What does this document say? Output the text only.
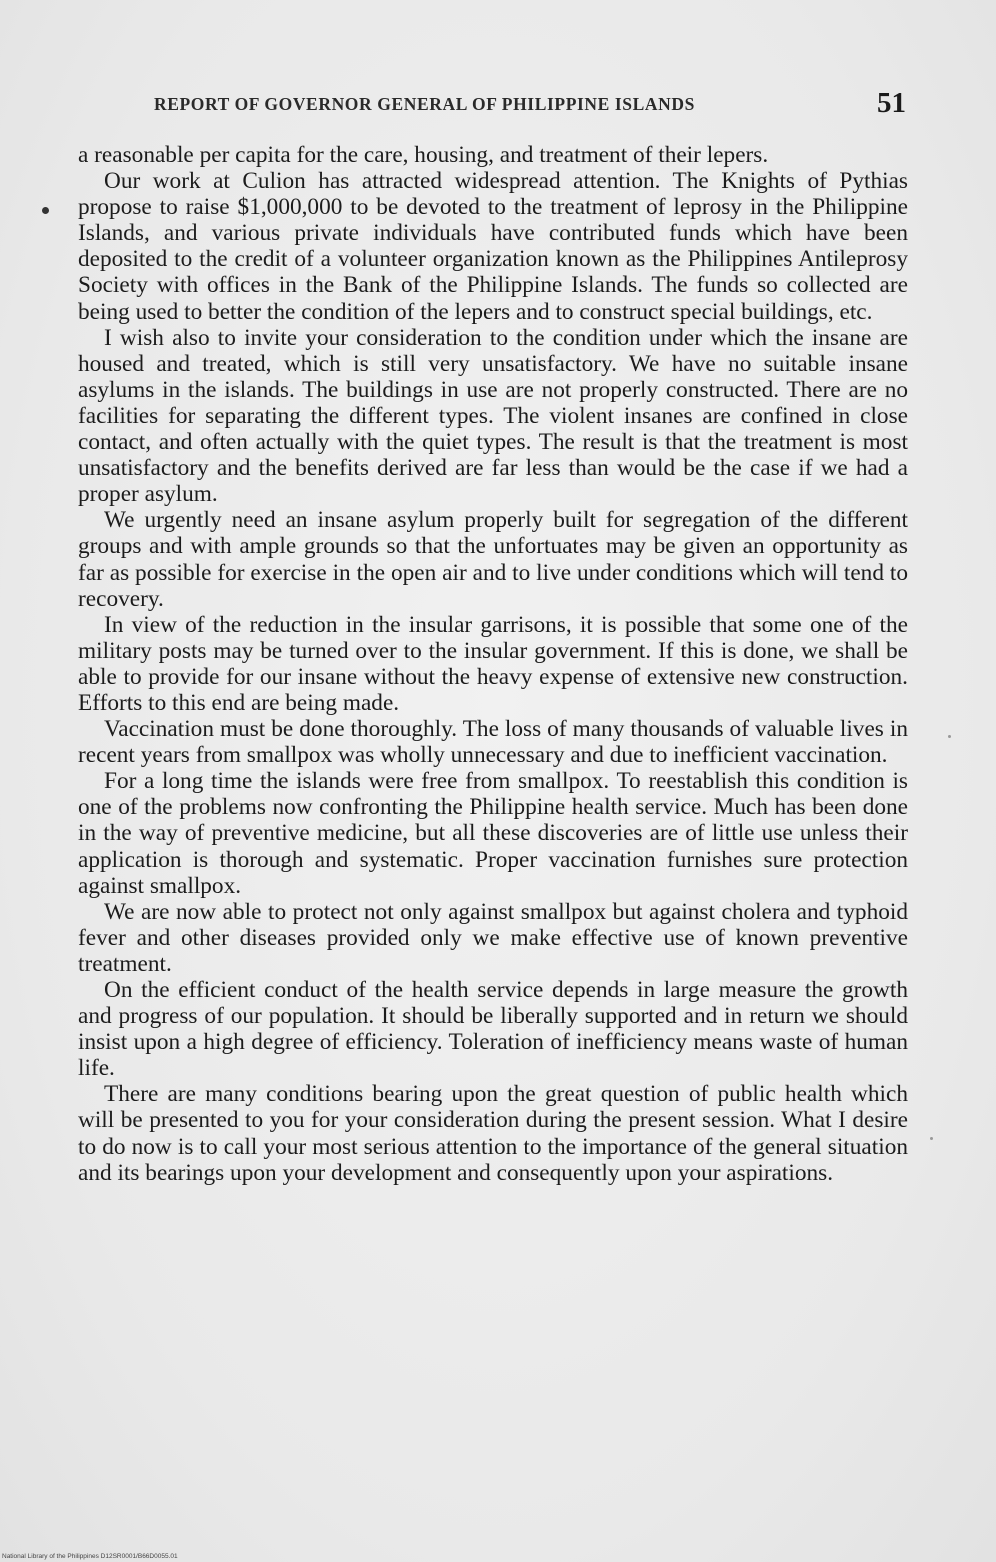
REPORT OF GOVERNOR GENERAL OF PHILIPPINE ISLANDS	51

a reasonable per capita for the care, housing, and treatment of their lepers.

Our work at Culion has attracted widespread attention. The Knights of Pythias propose to raise $1,000,000 to be devoted to the treatment of leprosy in the Philippine Islands, and various private individuals have contributed funds which have been deposited to the credit of a volunteer organization known as the Philippines Antileprosy Society with offices in the Bank of the Philippine Islands. The funds so collected are being used to better the condition of the lepers and to construct special buildings, etc.

I wish also to invite your consideration to the condition under which the insane are housed and treated, which is still very unsatisfactory. We have no suitable insane asylums in the islands. The buildings in use are not properly constructed. There are no facilities for separating the different types. The violent insanes are confined in close contact, and often actually with the quiet types. The result is that the treatment is most unsatisfactory and the benefits derived are far less than would be the case if we had a proper asylum.

We urgently need an insane asylum properly built for segregation of the different groups and with ample grounds so that the unfortuates may be given an opportunity as far as possible for exercise in the open air and to live under conditions which will tend to recovery.

In view of the reduction in the insular garrisons, it is possible that some one of the military posts may be turned over to the insular government. If this is done, we shall be able to provide for our insane without the heavy expense of extensive new construction. Efforts to this end are being made.

Vaccination must be done thoroughly. The loss of many thousands of valuable lives in recent years from smallpox was wholly unnecessary and due to inefficient vaccination.

For a long time the islands were free from smallpox. To reestablish this condition is one of the problems now confronting the Philippine health service. Much has been done in the way of preventive medicine, but all these discoveries are of little use unless their application is thorough and systematic. Proper vaccination furnishes sure protection against smallpox.

We are now able to protect not only against smallpox but against cholera and typhoid fever and other diseases provided only we make effective use of known preventive treatment.

On the efficient conduct of the health service depends in large measure the growth and progress of our population. It should be liberally supported and in return we should insist upon a high degree of efficiency. Toleration of inefficiency means waste of human life.

There are many conditions bearing upon the great question of public health which will be presented to you for your consideration during the present session. What I desire to do now is to call your most serious attention to the importance of the general situation and its bearings upon your development and consequently upon your aspirations.

National Library of the Philippines D12SR0001/B66D0055.01
